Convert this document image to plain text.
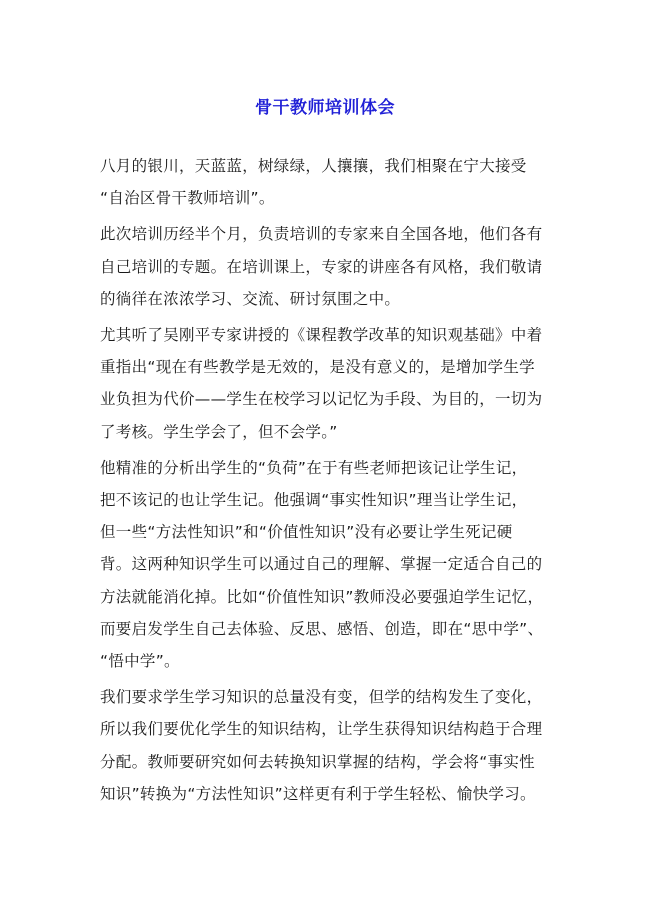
骨干教师培训体会

八月的银川，天蓝蓝，树绿绿，人攘攘，我们相聚在宁大接受
“自治区骨干教师培训”。

此次培训历经半个月，负责培训的专家来自全国各地，他们各有
自己培训的专题。在培训课上，专家的讲座各有风格，我们敬请
的徜徉在浓浓学习、交流、研讨氛围之中。

尤其听了吴刚平专家讲授的《课程教学改革的知识观基础》中着
重指出“现在有些教学是无效的，是没有意义的，是增加学生学
业负担为代价——学生在校学习以记忆为手段、为目的，一切为
了考核。学生学会了，但不会学。”

他精准的分析出学生的“负荷”在于有些老师把该记让学生记，
把不该记的也让学生记。他强调“事实性知识”理当让学生记，
但一些“方法性知识”和“价值性知识”没有必要让学生死记硬
背。这两种知识学生可以通过自己的理解、掌握一定适合自己的
方法就能消化掉。比如“价值性知识”教师没必要强迫学生记忆，
而要启发学生自己去体验、反思、感悟、创造，即在“思中学”、
“悟中学”。

我们要求学生学习知识的总量没有变，但学的结构发生了变化，
所以我们要优化学生的知识结构，让学生获得知识结构趋于合理
分配。教师要研究如何去转换知识掌握的结构，学会将“事实性
知识”转换为“方法性知识”这样更有利于学生轻松、愉快学习。
